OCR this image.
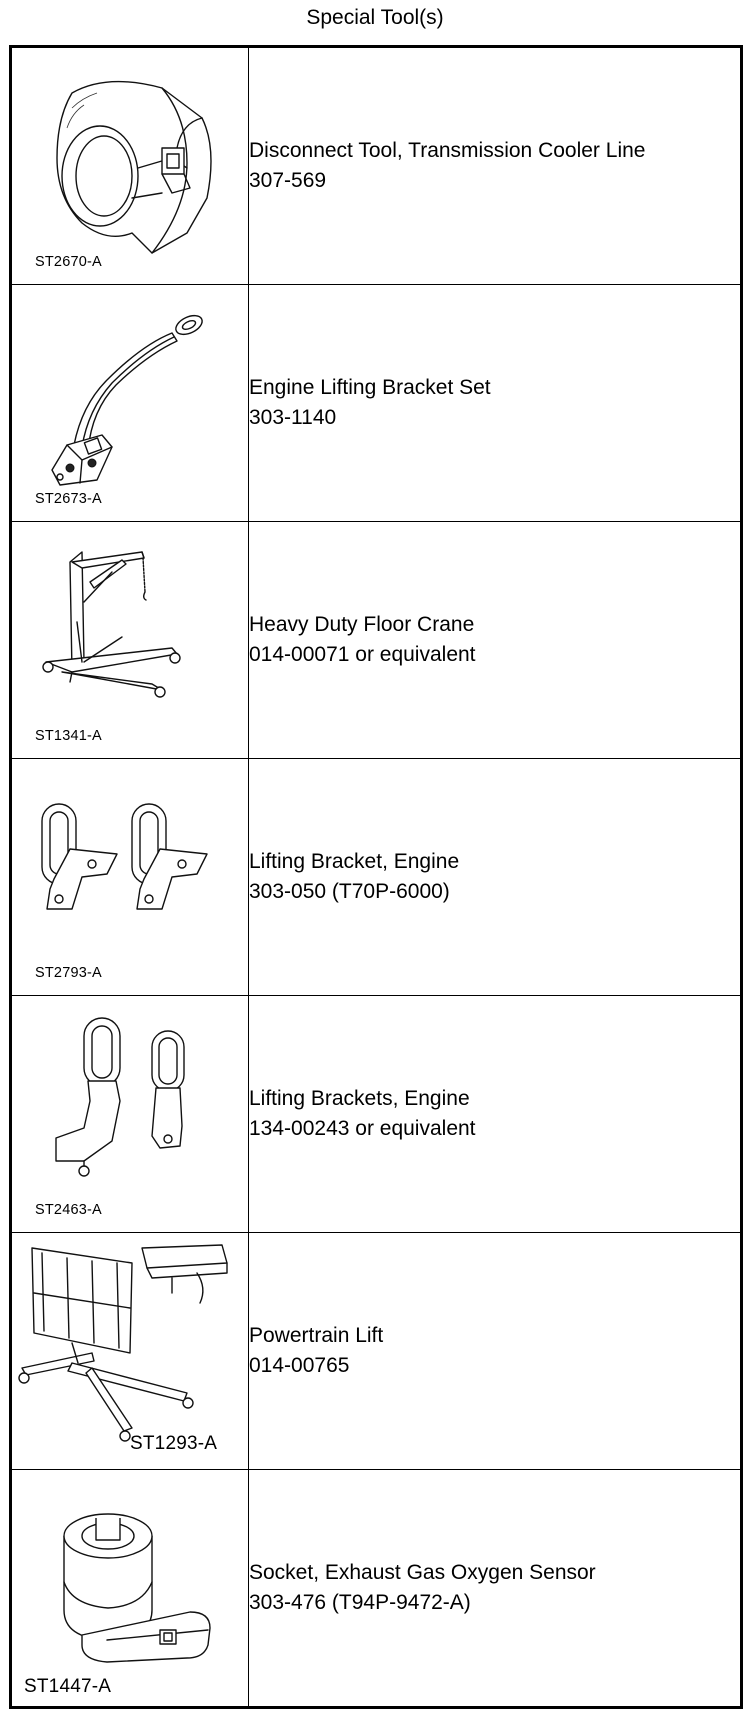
Special Tool(s)
ST2670-A	Disconnect Tool, Transmission Cooler Line
307-569

ST2673-A	Engine Lifting Bracket Set
303-1140

ST1341-A	Heavy Duty Floor Crane
014-00071 or equivalent

ST2793-A	Lifting Bracket, Engine
303-050 (T70P-6000)

ST2463-A	Lifting Brackets, Engine
134-00243 or equivalent

ST1293-A	Powertrain Lift
014-00765

ST1447-A	Socket, Exhaust Gas Oxygen Sensor
303-476 (T94P-9472-A)
